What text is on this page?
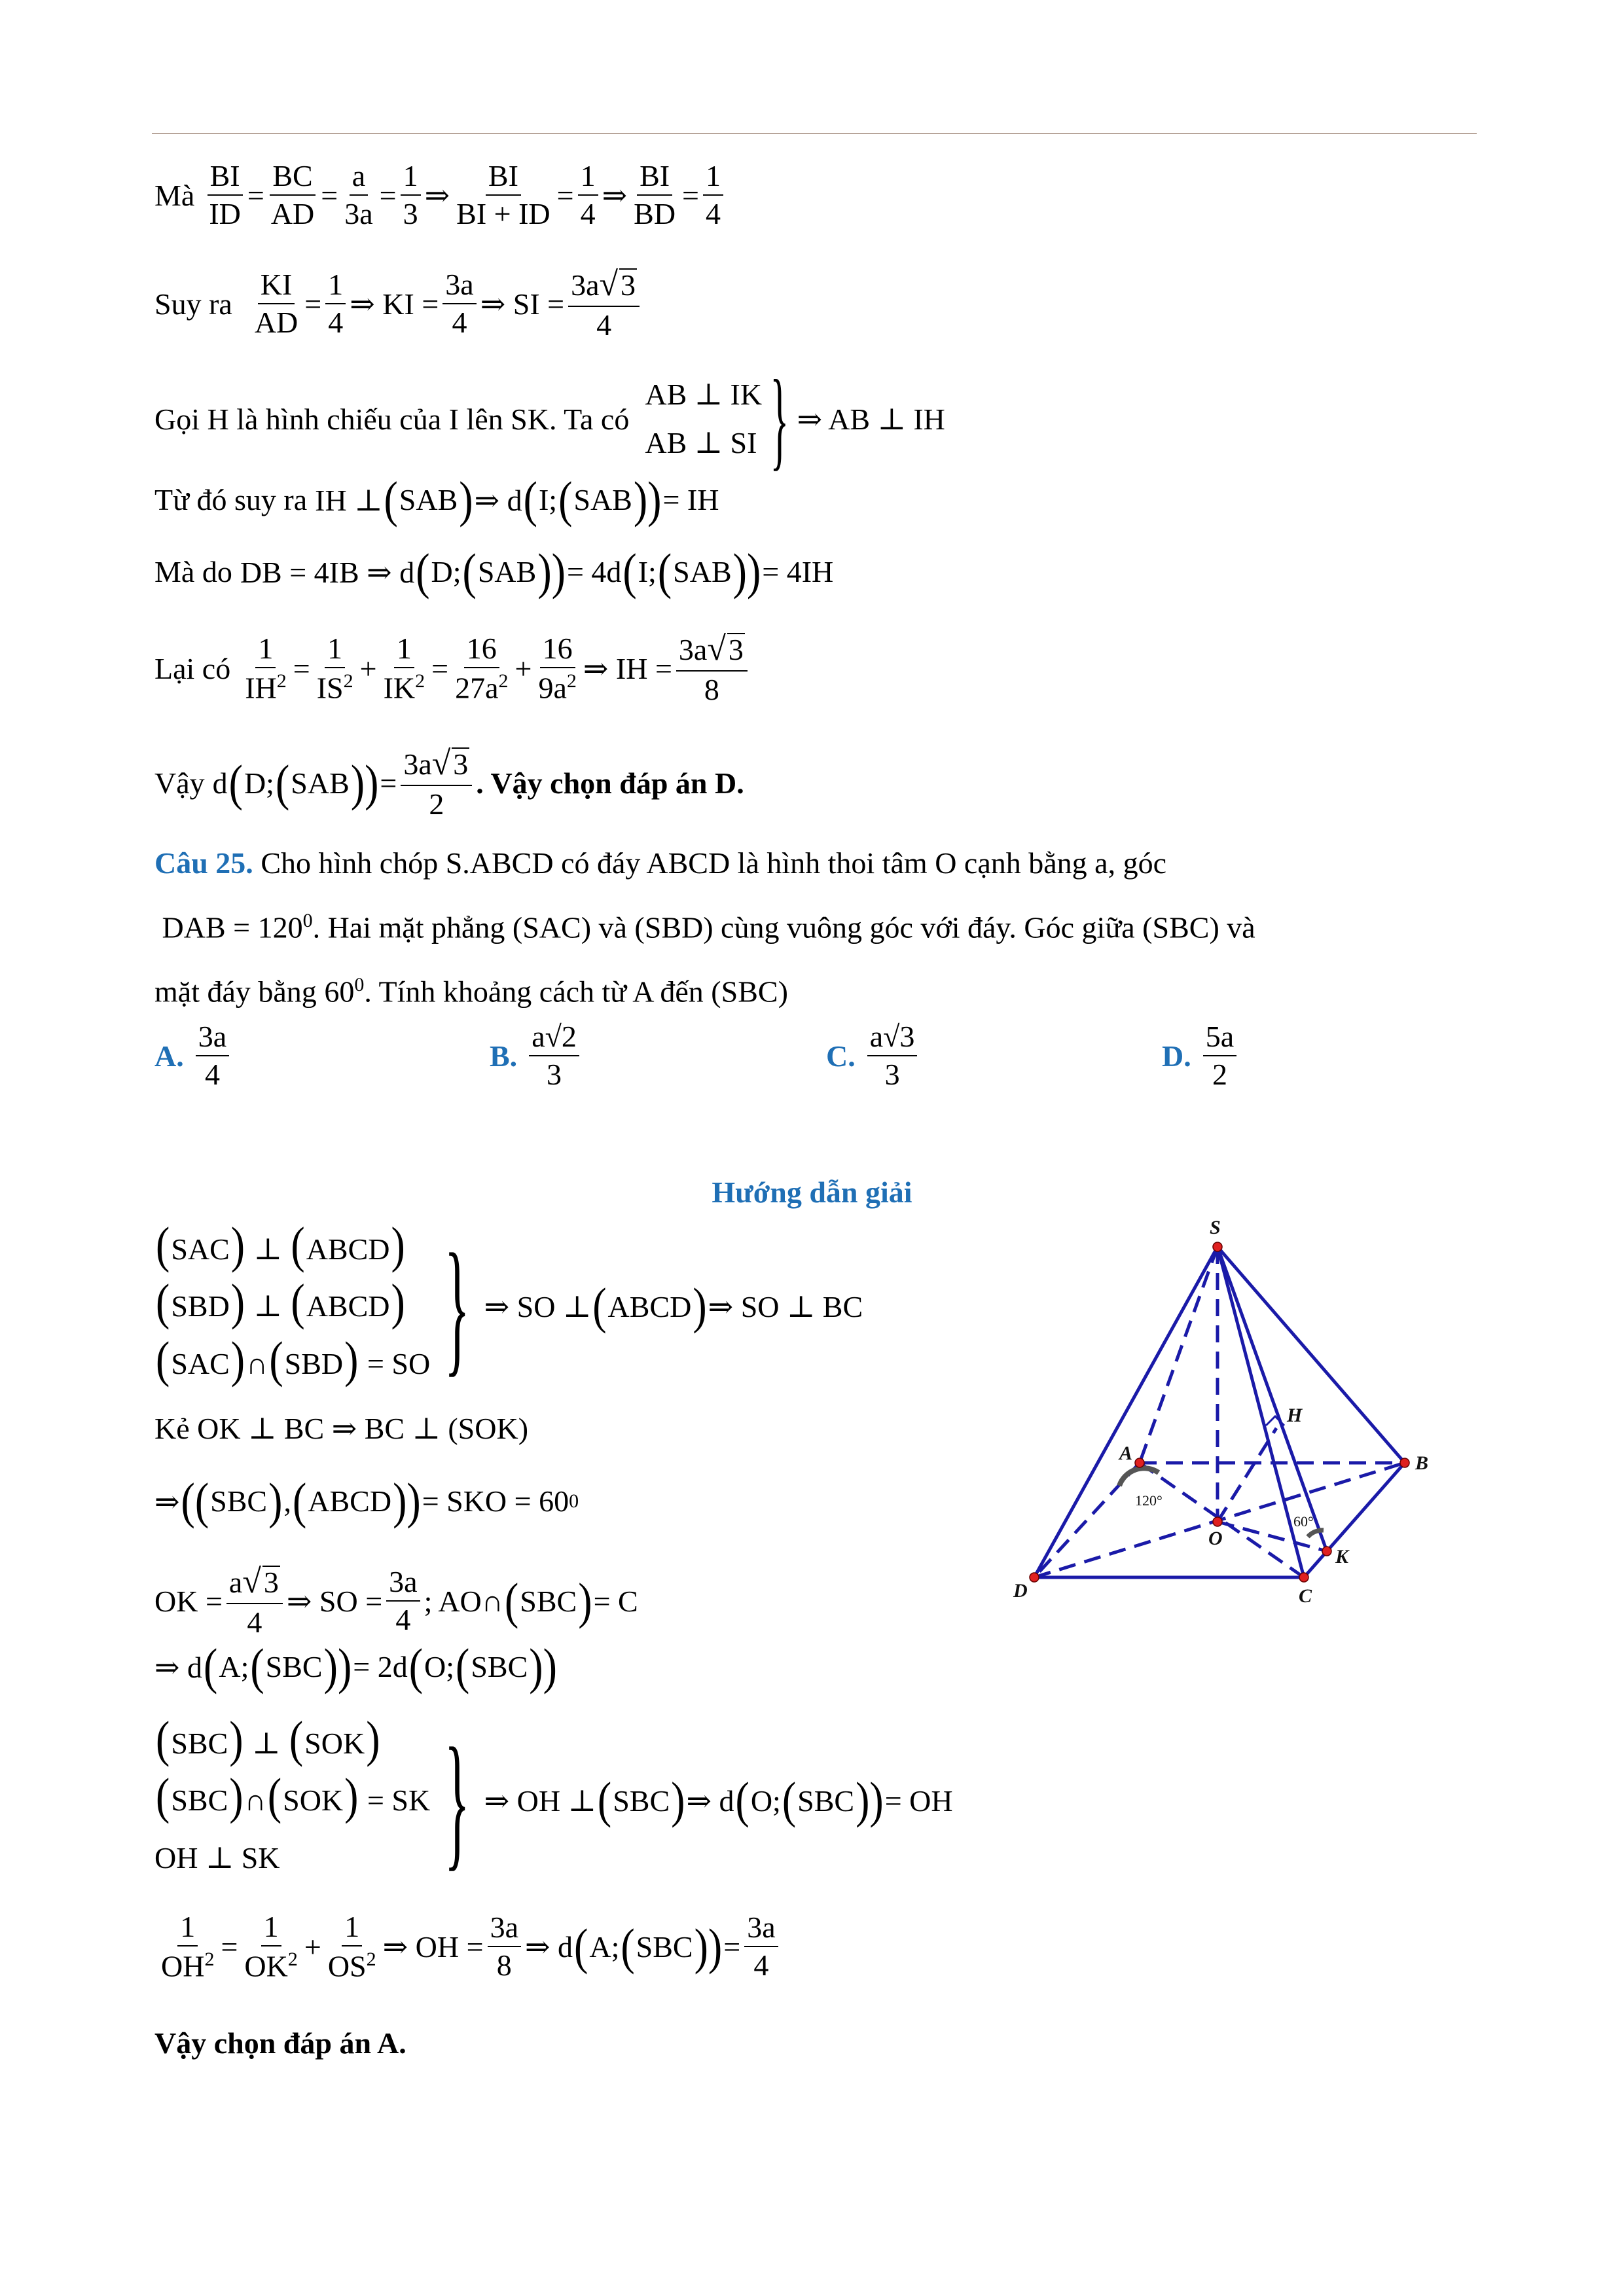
Mà $\frac{BI}{ID} = \frac{BC}{AD} = \frac{a}{3a} = \frac{1}{3}$ ⇒ $\frac{BI}{BI + ID} = \frac{1}{4}$ ⇒ $\frac{BI}{BD} = \frac{1}{4}$
Suy ra $\frac{KI}{AD} = \frac{1}{4}$ ⇒ KI = $\frac{3a}{4}$ ⇒ SI = $\frac{3a√3}{4}$
Gọi H là hình chiếu của I lên SK. Ta có
AB ⊥ IK
AB ⊥ SI } ⇒ AB ⊥ IH
Từ đó suy ra IH ⊥ ( SAB ) ⇒ d ( I; ( SAB )) = IH
Mà do DB = 4IB ⇒ d ( D; ( SAB )) = 4d ( I; ( SAB )) = 4IH
Lại có $\frac{1}{IH^2} = \frac{1}{IS^2} + \frac{1}{IK^2} = \frac{16}{27a^2} + \frac{16}{9a^2}$ ⇒ IH = $\frac{3a√3}{8}$
Vậy d ( D; ( SAB )) = $\frac{3a√3}{2}$ . Vậy chọn đáp án D.
Câu 25. Cho hình chóp S.ABCD có đáy ABCD là hình thoi tâm O cạnh bằng a, góc
DAB = $120^0$. Hai mặt phẳng (SAC) và (SBD) cùng vuông góc với đáy. Góc giữa (SBC) và
mặt đáy bằng $60^0$. Tính khoảng cách từ A đến (SBC)
A. $\frac{3a}{4}$	B. $\frac{a√2}{3}$	C. $\frac{a√3}{3}$	D. $\frac{5a}{2}$
Hướng dẫn giải
(SAC) ⊥ (ABCD)
(SBD) ⊥ (ABCD)
(SAC)∩(SBD) = SO } ⇒ SO ⊥ ( ABCD ) ⇒ SO ⊥ BC
Kẻ OK ⊥ BC ⇒ BC ⊥ (SOK)
⇒ (( SBC ) , ( ABCD )) = SKO = 60 0
OK = $\frac{a√3}{4}$ ⇒ SO = $\frac{3a}{4}$ ; AO∩ ( SBC ) = C
⇒ d ( A; ( SBC )) = 2d ( O; ( SBC ))
(SBC) ⊥ (SOK)
(SBC)∩(SOK) = SK
OH ⊥ SK	} ⇒ OH ⊥ ( SBC ) ⇒ d ( O; ( SBC )) = OH
$\frac{1}{OH^2} = \frac{1}{OK^2} + \frac{1}{OS^2}$ ⇒ OH = $\frac{3a}{8}$ ⇒ d ( A; ( SBC )) = $\frac{3a}{4}$
Vậy chọn đáp án A.
S
A	B
C
D
O
H
K
120°
60°
